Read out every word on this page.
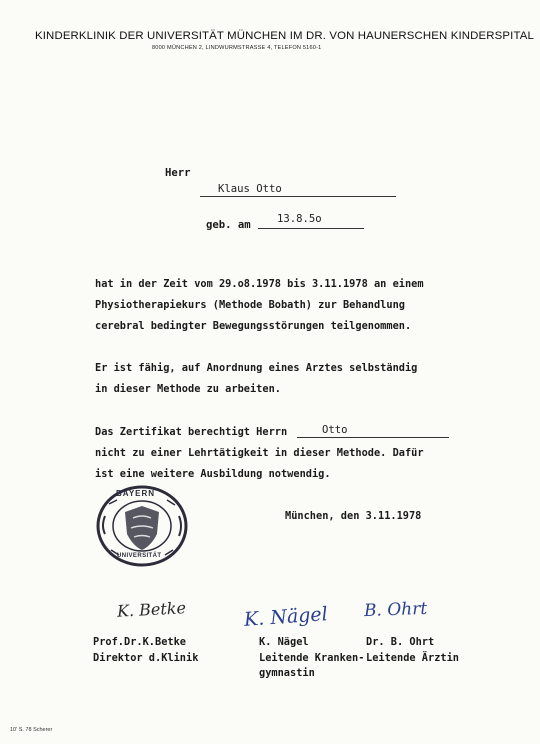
KINDERKLINIK DER UNIVERSITÄT MÜNCHEN IM DR. VON HAUNERSCHEN KINDERSPITAL
8000 MÜNCHEN 2, LINDWURMSTRASSE 4, TELEFON 5160-1
Herr
Klaus Otto
geb. am 13.8.5o
hat in der Zeit vom 29.o8.1978 bis 3.11.1978 an einem
Physiotherapiekurs (Methode Bobath) zur Behandlung
cerebral bedingter Bewegungsstörungen teilgenommen.
Er ist fähig, auf Anordnung eines Arztes selbständig
in dieser Methode zu arbeiten.
Das Zertifikat berechtigt Herrn	Otto
nicht zu einer Lehrtätigkeit in dieser Methode. Dafür
ist eine weitere Ausbildung notwendig.
München, den 3.11.1978
BAYERN
UNIVERSITÄT
K. Betke	K. Nägel B. Ohrt
Prof.Dr.K.Betke
Direktor d.Klinik
K. Nägel
Leitende Kranken-
gymnastin
Dr. B. Ohrt
Leitende Ärztin
10' S. 78 Scherer
